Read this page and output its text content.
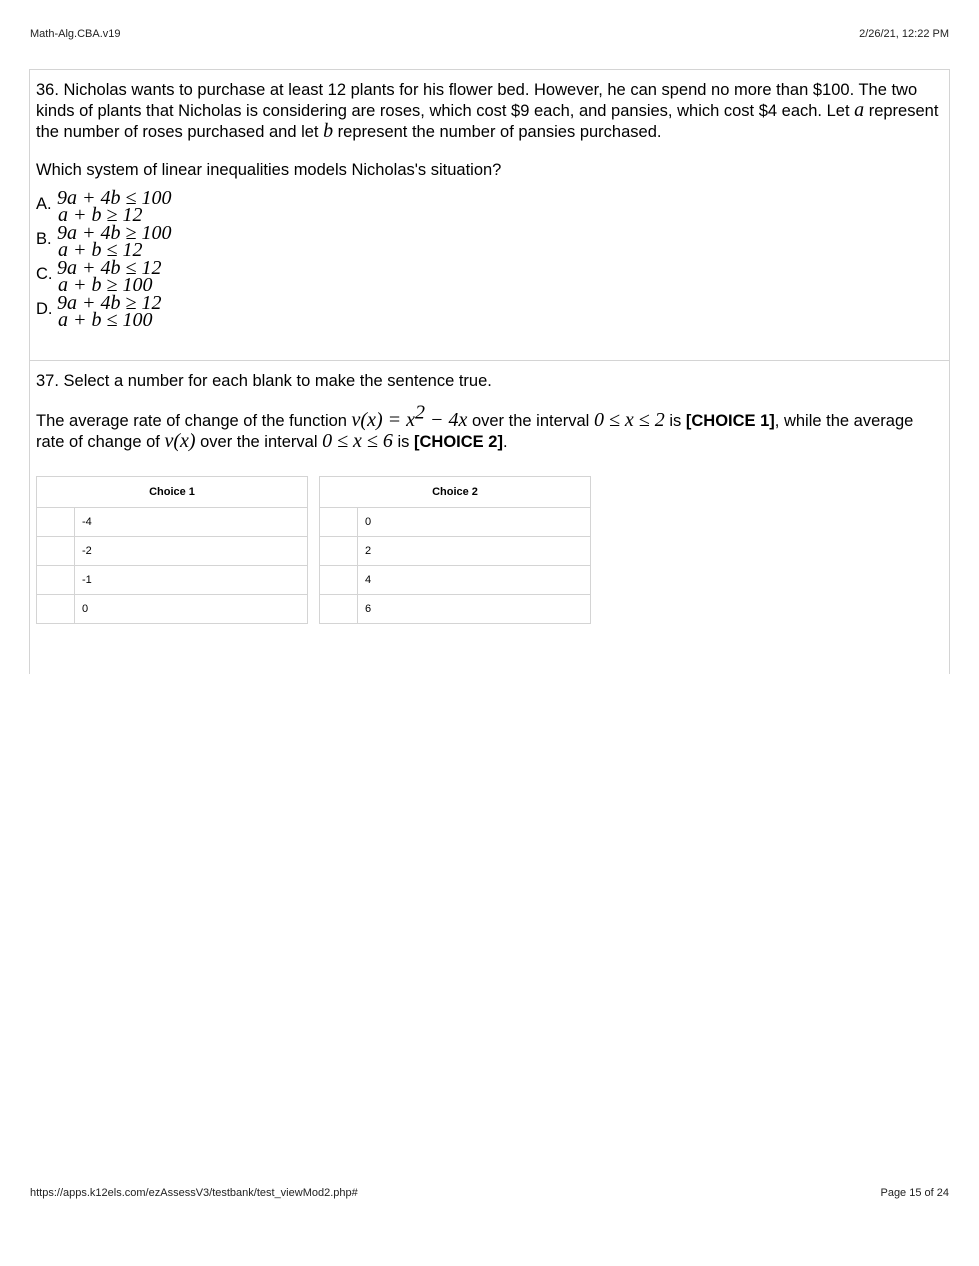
Math-Alg.CBA.v19	2/26/21, 12:22 PM

36. Nicholas wants to purchase at least 12 plants for his flower bed. However, he can spend no more than $100. The two kinds of plants that Nicholas is considering are roses, which cost $9 each, and pansies, which cost $4 each. Let a represent the number of roses purchased and let b represent the number of pansies purchased.

Which system of linear inequalities models Nicholas's situation?

A. 9a + 4b ≤ 100
a + b ≥ 12
B. 9a + 4b ≥ 100
a + b ≤ 12
C. 9a + 4b ≤ 12
a + b ≥ 100
D. 9a + 4b ≥ 12
a + b ≤ 100

37. Select a number for each blank to make the sentence true.

The average rate of change of the function $v(x) = x^2 - 4x$ over the interval 0 ≤ x ≤ 2 is [CHOICE 1], while the average rate of change of v(x) over the interval 0 ≤ x ≤ 6 is [CHOICE 2].

Choice 1	
	-4
	-2
	-1
	0
Choice 2	
	0
	2
	4
	6
https://apps.k12els.com/ezAssessV3/testbank/test_viewMod2.php#	Page 15 of 24
